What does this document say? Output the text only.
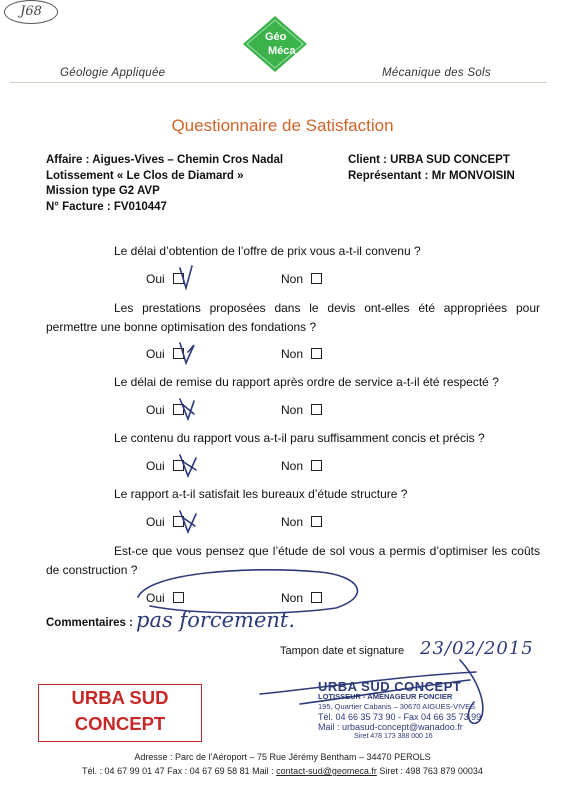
J68
Géo
Méca
Géologie Appliquée	Mécanique des Sols
Questionnaire de Satisfaction
Affaire : Aigues-Vives – Chemin Cros Nadal
Lotissement « Le Clos de Diamard »
Mission type G2 AVP
N° Facture : FV010447
Client : URBA SUD CONCEPT
Représentant : Mr MONVOISIN
Le délai d’obtention de l’offre de prix vous a-t-il convenu ?
Oui	Non
Les prestations proposées dans le devis ont-elles été appropriées pour
permettre une bonne optimisation des fondations ?
Oui	Non
Le délai de remise du rapport après ordre de service a-t-il été respecté ?
Oui	Non
Le contenu du rapport vous a-t-il paru suffisamment concis et précis ?
Oui	Non
Le rapport a-t-il satisfait les bureaux d’étude structure ?
Oui	Non
Est-ce que vous pensez que l’étude de sol vous a permis d’optimiser les coûts
de construction ?
Oui	Non
Commentaires : pas forcement.
Tampon date et signature 23/02/2015
URBA SUD
CONCEPT
URBA SUD CONCEPT
LOTISSEUR - AMÉNAGEUR FONCIER
195, Quartier Cabanis – 30670 AIGUES-VIVES
Tél. 04 66 35 73 90 - Fax 04 66 35 73 99
Mail : urbasud-concept@wanadoo.fr
Siret 478 173 388 000 16
Adresse : Parc de l’Aéroport – 75 Rue Jérémy Bentham – 34470 PEROLS
Tél. : 04 67 99 01 47 Fax : 04 67 69 58 81 Mail : contact-sud@geomeca.fr Siret : 498 763 879 00034
